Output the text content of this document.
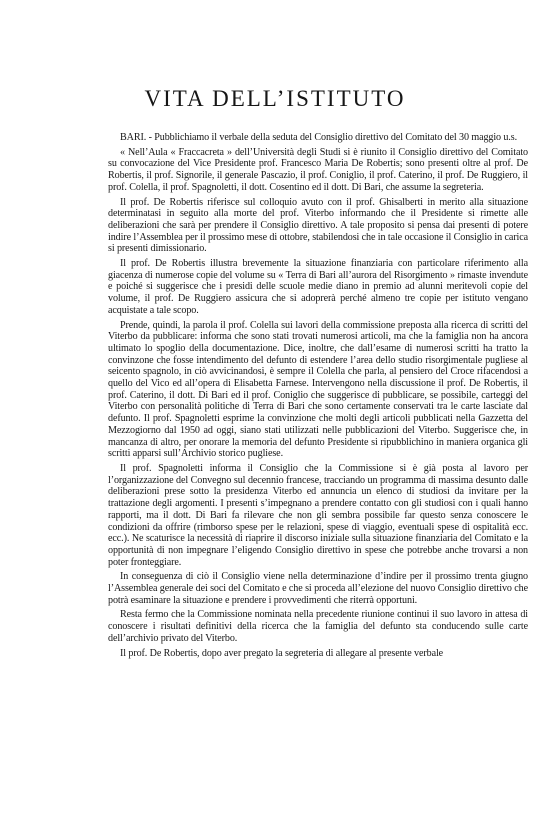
VITA DELL’ISTITUTO

BARI. - Pubblichiamo il verbale della seduta del Consiglio direttivo del Comitato del 30 maggio u.s.

« Nell’Aula « Fraccacreta » dell’Università degli Studi si è riunito il Consiglio direttivo del Comitato su convocazione del Vice Presidente prof. Francesco Maria De Robertis; sono presenti oltre al prof. De Robertis, il prof. Signorile, il generale Pascazio, il prof. Coniglio, il prof. Caterino, il prof. De Ruggiero, il prof. Colella, il prof. Spagnoletti, il dott. Cosentino ed il dott. Di Bari, che assume la segreteria.

Il prof. De Robertis riferisce sul colloquio avuto con il prof. Ghisalberti in merito alla situazione determinatasi in seguito alla morte del prof. Viterbo informando che il Presidente si rimette alle deliberazioni che sarà per prendere il Consiglio direttivo. A tale proposito si pensa dai presenti di potere indire l’Assemblea per il prossimo mese di ottobre, stabilendosi che in tale occasione il Consiglio in carica si presenti dimissionario.

Il prof. De Robertis illustra brevemente la situazione finanziaria con particolare riferimento alla giacenza di numerose copie del volume su « Terra di Bari all’aurora del Risorgimento » rimaste invendute e poiché si suggerisce che i presidi delle scuole medie diano in premio ad alunni meritevoli copie del volume, il prof. De Ruggiero assicura che si adoprerà perché almeno tre copie per istituto vengano acquistate a tale scopo.

Prende, quindi, la parola il prof. Colella sui lavori della commissione preposta alla ricerca di scritti del Viterbo da pubblicare: informa che sono stati trovati numerosi articoli, ma che la famiglia non ha ancora ultimato lo spoglio della documentazione. Dice, inoltre, che dall’esame di numerosi scritti ha tratto la convinzone che fosse intendimento del defunto di estendere l’area dello studio risorgimentale pugliese al seicento spagnolo, in ciò avvicinandosi, è sempre il Colella che parla, al pensiero del Croce rifacendosi a quello del Vico ed all’opera di Elisabetta Farnese. Intervengono nella discussione il prof. De Robertis, il prof. Caterino, il dott. Di Bari ed il prof. Coniglio che suggerisce di pubblicare, se possibile, carteggi del Viterbo con personalità politiche di Terra di Bari che sono certamente conservati tra le carte lasciate dal defunto. Il prof. Spagnoletti esprime la convinzione che molti degli articoli pubblicati nella Gazzetta del Mezzogiorno dal 1950 ad oggi, siano stati utilizzati nelle pubblicazioni del Viterbo. Suggerisce che, in mancanza di altro, per onorare la memoria del defunto Presidente si ripubblichino in maniera organica gli scritti apparsi sull’Archivio storico pugliese.

Il prof. Spagnoletti informa il Consiglio che la Commissione si è già posta al lavoro per l’organizzazione del Convegno sul decennio francese, tracciando un programma di massima desunto dalle deliberazioni prese sotto la presidenza Viterbo ed annuncia un elenco di studiosi da invitare per la trattazione degli argomenti. I presenti s’impegnano a prendere contatto con gli studiosi con i quali hanno rapporti, ma il dott. Di Bari fa rilevare che non gli sembra possibile far questo senza conoscere le condizioni da offrire (rimborso spese per le relazioni, spese di viaggio, eventuali spese di ospitalità ecc. ecc.). Ne scaturisce la necessità di riaprire il discorso iniziale sulla situazione finanziaria del Comitato e la opportunità di non impegnare l’eligendo Consiglio direttivo in spese che potrebbe anche trovarsi a non poter fronteggiare.

In conseguenza di ciò il Consiglio viene nella determinazione d’indire per il prossimo trenta giugno l’Assemblea generale dei soci del Comitato e che si proceda all’elezione del nuovo Consiglio direttivo che potrà esaminare la situazione e prendere i provvedimenti che riterrà opportuni.

Resta fermo che la Commissione nominata nella precedente riunione continui il suo lavoro in attesa di conoscere i risultati definitivi della ricerca che la famiglia del defunto sta conducendo sulle carte dell’archivio privato del Viterbo.

Il prof. De Robertis, dopo aver pregato la segreteria di allegare al presente verbale
